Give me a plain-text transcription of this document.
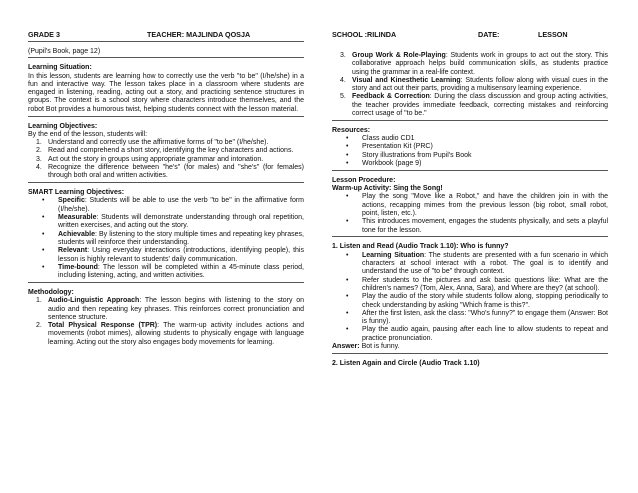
GRADE 3	TEACHER: MAJLINDA QOSJA	SCHOOL :RILINDA	DATE:	LESSON

(Pupil's Book, page 12)

Learning Situation:

In this lesson, students are learning how to correctly use the verb "to be" (I/he/she) in a fun and interactive way. The lesson takes place in a classroom where students are engaged in listening, reading, acting out a story, and practicing sentence structures in groups. The context is a school story where characters introduce themselves, and the robot Bot provides a humorous twist, helping students connect with the lesson material.

Learning Objectives:

By the end of the lesson, students will:

1. Understand and correctly use the affirmative forms of "to be" (I/he/she).
2. Read and comprehend a short story, identifying the key characters and actions.
3. Act out the story in groups using appropriate grammar and intonation.
4. Recognize the difference between "he's" (for males) and "she's" (for females) through both oral and written activities.

SMART Learning Objectives:

• Specific: Students will be able to use the verb "to be" in the affirmative form (I/he/she).
• Measurable: Students will demonstrate understanding through oral repetition, written exercises, and acting out the story.
• Achievable: By listening to the story multiple times and repeating key phrases, students will reinforce their understanding.
• Relevant: Using everyday interactions (introductions, identifying people), this lesson is highly relevant to students' daily communication.
• Time-bound: The lesson will be completed within a 45-minute class period, including listening, acting, and written activities.

Methodology:

1. Audio-Linguistic Approach: The lesson begins with listening to the story on audio and then repeating key phrases. This reinforces correct pronunciation and sentence structure.
2. Total Physical Response (TPR): The warm-up activity includes actions and movements (robot mimes), allowing students to physically engage with language learning. Acting out the story also engages body movements for learning.
3. Group Work & Role-Playing: Students work in groups to act out the story. This collaborative approach helps build communication skills, as students practice using the grammar in a real-life context.
4. Visual and Kinesthetic Learning: Students follow along with visual cues in the story and act out their parts, providing a multisensory learning experience.
5. Feedback & Correction: During the class discussion and group acting activities, the teacher provides immediate feedback, correcting mistakes and reinforcing correct usage of "to be."

Resources:

• Class audio CD1
• Presentation Kit (PRC)
• Story illustrations from Pupil's Book
• Workbook (page 9)

Lesson Procedure:

Warm-up Activity: Sing the Song!

• Play the song "Move like a Robot," and have the children join in with the actions, recapping mimes from the previous lesson (big robot, small robot, point, listen, etc.).
• This introduces movement, engages the students physically, and sets a playful tone for the lesson.

1. Listen and Read (Audio Track 1.10): Who is funny?

• Learning Situation: The students are presented with a fun scenario in which characters at school interact with a robot. The goal is to identify and understand the use of "to be" through context.
• Refer students to the pictures and ask basic questions like: What are the children's names? (Tom, Alex, Anna, Sara), and Where are they? (at school).
• Play the audio of the story while students follow along, stopping periodically to check understanding by asking "Which frame is this?".
• After the first listen, ask the class: "Who's funny?" to engage them (Answer: Bot is funny).
• Play the audio again, pausing after each line to allow students to repeat and practice pronunciation.

Answer: Bot is funny.

2. Listen Again and Circle (Audio Track 1.10)
